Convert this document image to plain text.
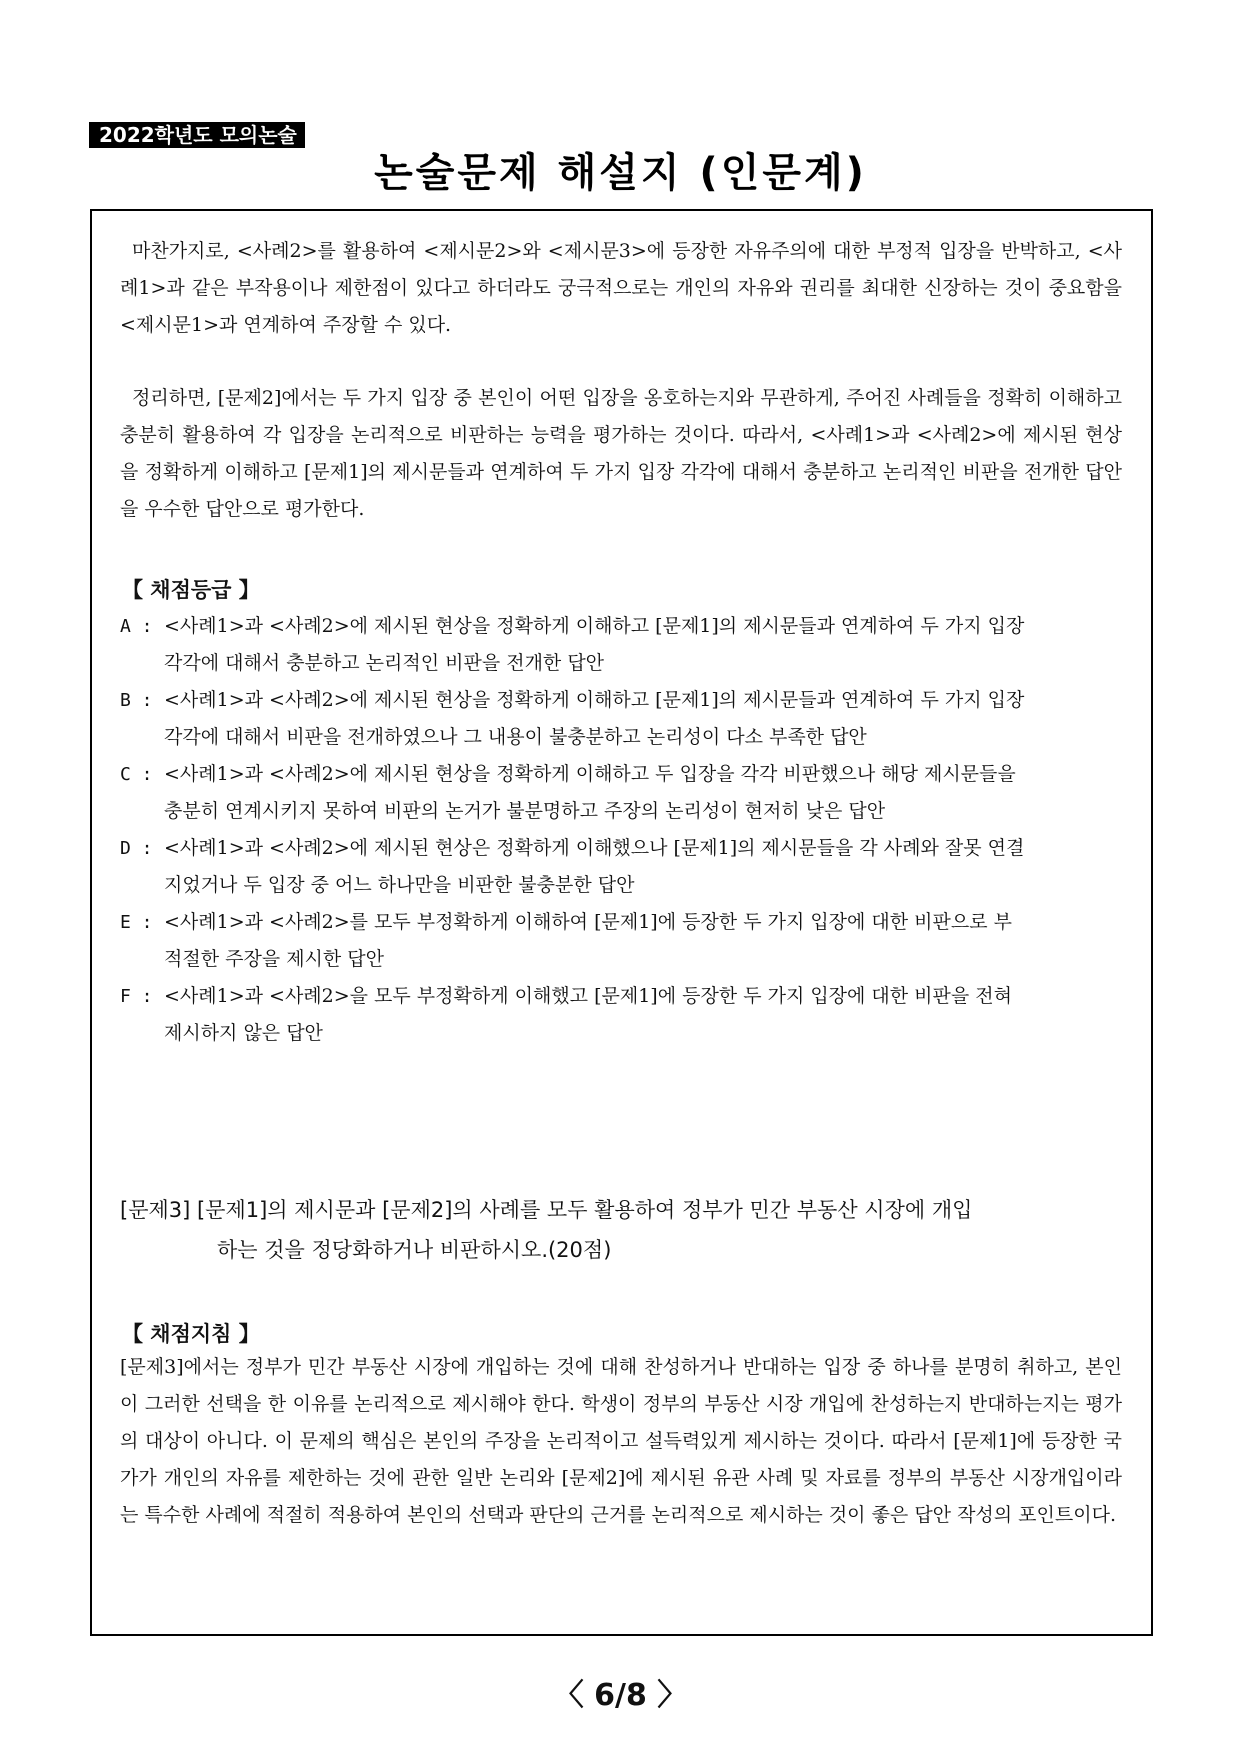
2022학년도 모의논술
논술문제 해설지 (인문계)
마찬가지로, <사례2>를 활용하여 <제시문2>와 <제시문3>에 등장한 자유주의에 대한 부정적 입장을 반박하고, <사례1>과 같은 부작용이나 제한점이 있다고 하더라도 궁극적으로는 개인의 자유와 권리를 최대한 신장하는 것이 중요함을 <제시문1>과 연계하여 주장할 수 있다.
정리하면, [문제2]에서는 두 가지 입장 중 본인이 어떤 입장을 옹호하는지와 무관하게, 주어진 사례들을 정확히 이해하고 충분히 활용하여 각 입장을 논리적으로 비판하는 능력을 평가하는 것이다. 따라서, <사례1>과 <사례2>에 제시된 현상을 정확하게 이해하고 [문제1]의 제시문들과 연계하여 두 가지 입장 각각에 대해서 충분하고 논리적인 비판을 전개한 답안을 우수한 답안으로 평가한다.
【 채점등급 】
A : <사례1>과 <사례2>에 제시된 현상을 정확하게 이해하고 [문제1]의 제시문들과 연계하여 두 가지 입장
각각에 대해서 충분하고 논리적인 비판을 전개한 답안
B : <사례1>과 <사례2>에 제시된 현상을 정확하게 이해하고 [문제1]의 제시문들과 연계하여 두 가지 입장
각각에 대해서 비판을 전개하였으나 그 내용이 불충분하고 논리성이 다소 부족한 답안
C : <사례1>과 <사례2>에 제시된 현상을 정확하게 이해하고 두 입장을 각각 비판했으나 해당 제시문들을
충분히 연계시키지 못하여 비판의 논거가 불분명하고 주장의 논리성이 현저히 낮은 답안
D : <사례1>과 <사례2>에 제시된 현상은 정확하게 이해했으나 [문제1]의 제시문들을 각 사례와 잘못 연결
지었거나 두 입장 중 어느 하나만을 비판한 불충분한 답안
E : <사례1>과 <사례2>를 모두 부정확하게 이해하여 [문제1]에 등장한 두 가지 입장에 대한 비판으로 부
적절한 주장을 제시한 답안
F : <사례1>과 <사례2>을 모두 부정확하게 이해했고 [문제1]에 등장한 두 가지 입장에 대한 비판을 전혀
제시하지 않은 답안
[문제3] [문제1]의 제시문과 [문제2]의 사례를 모두 활용하여 정부가 민간 부동산 시장에 개입
하는 것을 정당화하거나 비판하시오.(20점)
【 채점지침 】
[문제3]에서는 정부가 민간 부동산 시장에 개입하는 것에 대해 찬성하거나 반대하는 입장 중 하나를 분명히 취하고, 본인이 그러한 선택을 한 이유를 논리적으로 제시해야 한다. 학생이 정부의 부동산 시장 개입에 찬성하는지 반대하는지는 평가의 대상이 아니다. 이 문제의 핵심은 본인의 주장을 논리적이고 설득력있게 제시하는 것이다. 따라서 [문제1]에 등장한 국가가 개인의 자유를 제한하는 것에 관한 일반 논리와 [문제2]에 제시된 유관 사례 및 자료를 정부의 부동산 시장개입이라는 특수한 사례에 적절히 적용하여 본인의 선택과 판단의 근거를 논리적으로 제시하는 것이 좋은 답안 작성의 포인트이다.
〈 6/8 〉
